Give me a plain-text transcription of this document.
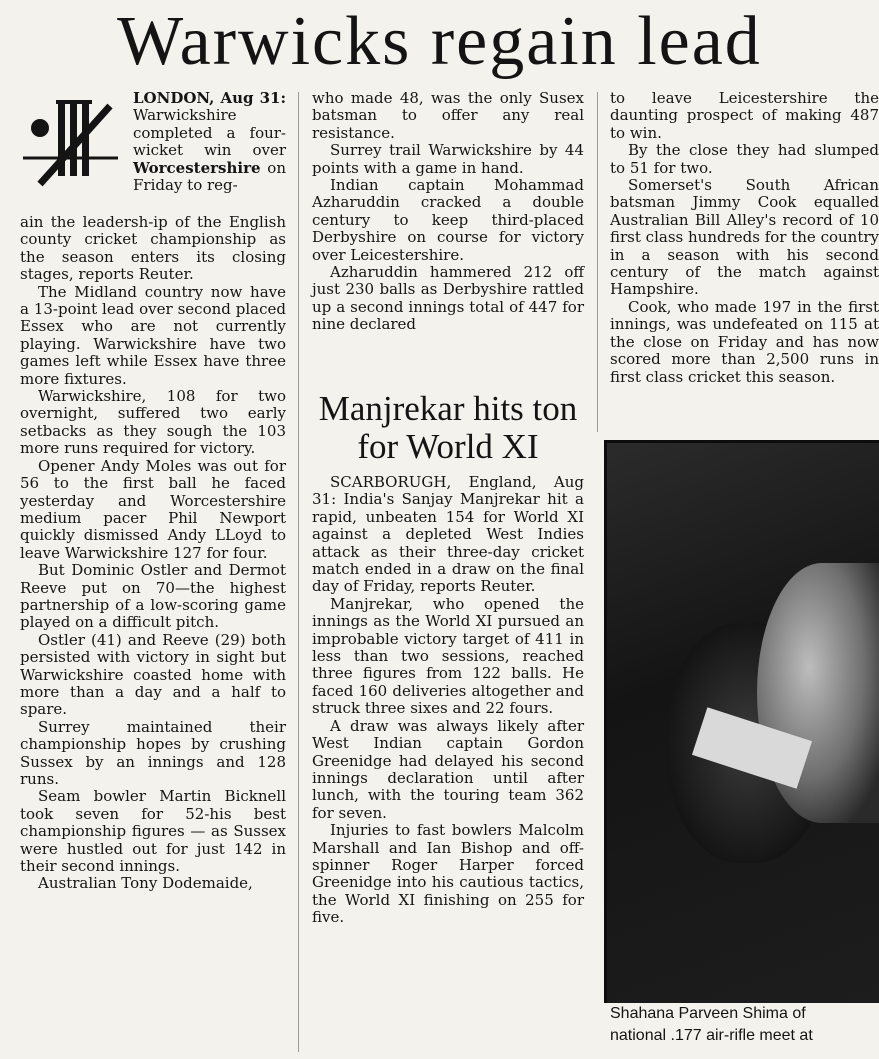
Warwicks regain lead

LONDON, Aug 31: Warwickshire completed a four-wicket win over Worcestershire on Friday to reg-

ain the leadersh-ip of the English county cricket championship as the season enters its closing stages, reports Reuter.

The Midland country now have a 13-point lead over second placed Essex who are not currently playing. Warwickshire have two games left while Essex have three more fixtures.

Warwickshire, 108 for two overnight, suffered two early setbacks as they sough the 103 more runs required for victory.

Opener Andy Moles was out for 56 to the first ball he faced yesterday and Worcestershire medium pacer Phil Newport quickly dismissed Andy LLoyd to leave Warwickshire 127 for four.

But Dominic Ostler and Dermot Reeve put on 70—the highest partnership of a low-scoring game played on a difficult pitch.

Ostler (41) and Reeve (29) both persisted with victory in sight but Warwickshire coasted home with more than a day and a half to spare.

Surrey maintained their championship hopes by crushing Sussex by an innings and 128 runs.

Seam bowler Martin Bicknell took seven for 52-his best championship figures — as Sussex were hustled out for just 142 in their second innings.

Australian Tony Dodemaide,

who made 48, was the only Susex batsman to offer any real resistance.

Surrey trail Warwickshire by 44 points with a game in hand.

Indian captain Mohammad Azharuddin cracked a double century to keep third-placed Derbyshire on course for victory over Leicestershire.

Azharuddin hammered 212 off just 230 balls as Derbyshire rattled up a second innings total of 447 for nine declared

Manjrekar hits ton for World XI

SCARBORUGH, England, Aug 31: India's Sanjay Manjrekar hit a rapid, unbeaten 154 for World XI against a depleted West Indies attack as their three-day cricket match ended in a draw on the final day of Friday, reports Reuter.

Manjrekar, who opened the innings as the World XI pursued an improbable victory target of 411 in less than two sessions, reached three figures from 122 balls. He faced 160 deliveries altogether and struck three sixes and 22 fours.

A draw was always likely after West Indian captain Gordon Greenidge had delayed his second innings declaration until after lunch, with the touring team 362 for seven.

Injuries to fast bowlers Malcolm Marshall and Ian Bishop and off-spinner Roger Harper forced Greenidge into his cautious tactics, the World XI finishing on 255 for five.

to leave Leicestershire the daunting prospect of making 487 to win.

By the close they had slumped to 51 for two.

Somerset's South African batsman Jimmy Cook equalled Australian Bill Alley's record of 10 first class hundreds for the country in a season with his second century of the match against Hampshire.

Cook, who made 197 in the first innings, was undefeated on 115 at the close on Friday and has now scored more than 2,500 runs in first class cricket this season.

Shahana Parveen Shima of
national .177 air-rifle meet at
